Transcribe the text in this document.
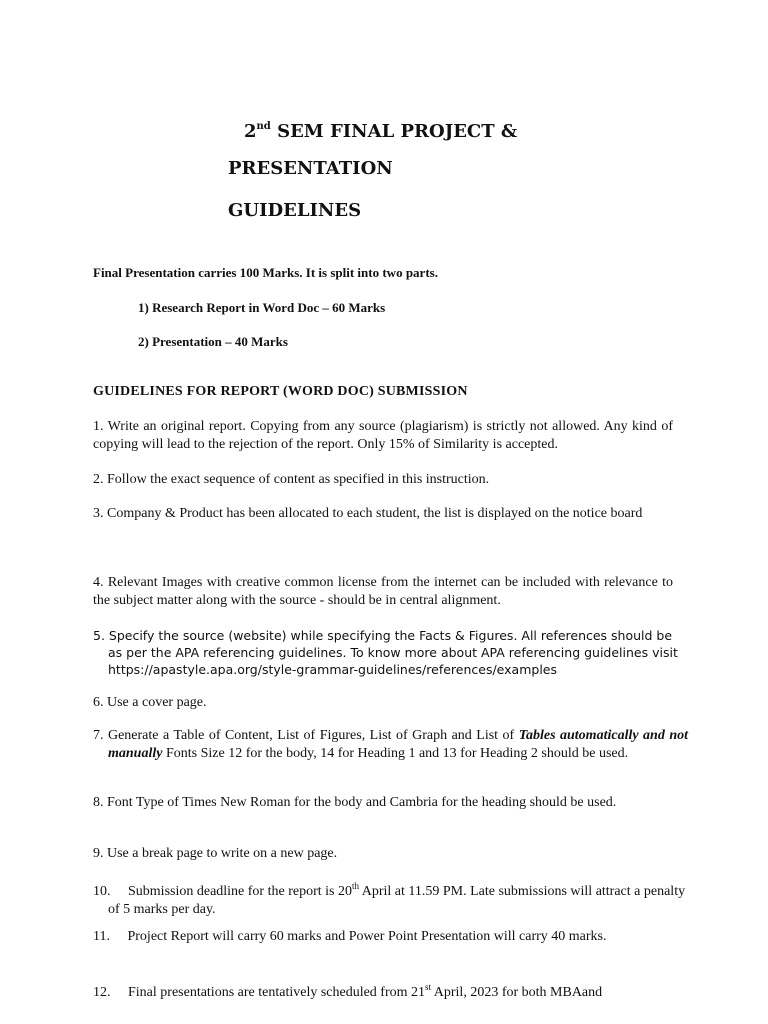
2nd SEM FINAL PROJECT &
PRESENTATION
GUIDELINES
Final Presentation carries 100 Marks. It is split into two parts.
1) Research Report in Word Doc – 60 Marks
2) Presentation – 40 Marks
GUIDELINES FOR REPORT (WORD DOC) SUBMISSION
1. Write an original report. Copying from any source (plagiarism) is strictly not allowed. Any kind of copying will lead to the rejection of the report. Only 15% of Similarity is accepted.
2. Follow the exact sequence of content as specified in this instruction.
3. Company & Product has been allocated to each student, the list is displayed on the notice board
4. Relevant Images with creative common license from the internet can be included with relevance to the subject matter along with the source - should be in central alignment.
5. Specify the source (website) while specifying the Facts & Figures. All references should be as per the APA referencing guidelines. To know more about APA referencing guidelines visit https://apastyle.apa.org/style-grammar-guidelines/references/examples
6. Use a cover page.
7. Generate a Table of Content, List of Figures, List of Graph and List of Tables automatically and not manually Fonts Size 12 for the body, 14 for Heading 1 and 13 for Heading 2 should be used.
8. Font Type of Times New Roman for the body and Cambria for the heading should be used.
9. Use a break page to write on a new page.
10.     Submission deadline for the report is 20th April at 11.59 PM. Late submissions will attract a penalty of 5 marks per day.
11.     Project Report will carry 60 marks and Power Point Presentation will carry 40 marks.
12.     Final presentations are tentatively scheduled from 21st April, 2023 for both MBAand
